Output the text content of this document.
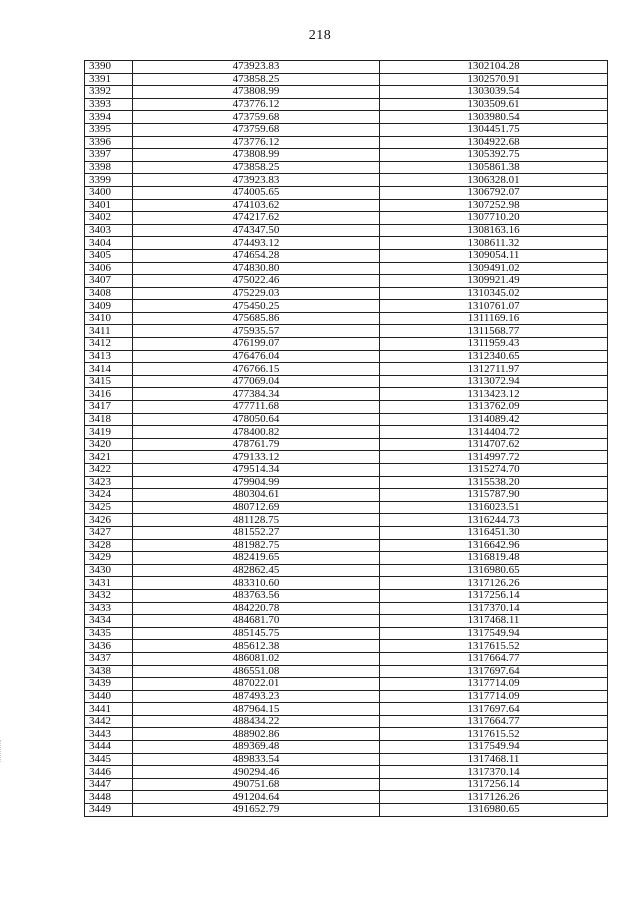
218
3390	473923.83	1302104.28
3391	473858.25	1302570.91
3392	473808.99	1303039.54
3393	473776.12	1303509.61
3394	473759.68	1303980.54
3395	473759.68	1304451.75
3396	473776.12	1304922.68
3397	473808.99	1305392.75
3398	473858.25	1305861.38
3399	473923.83	1306328.01
3400	474005.65	1306792.07
3401	474103.62	1307252.98
3402	474217.62	1307710.20
3403	474347.50	1308163.16
3404	474493.12	1308611.32
3405	474654.28	1309054.11
3406	474830.80	1309491.02
3407	475022.46	1309921.49
3408	475229.03	1310345.02
3409	475450.25	1310761.07
3410	475685.86	1311169.16
3411	475935.57	1311568.77
3412	476199.07	1311959.43
3413	476476.04	1312340.65
3414	476766.15	1312711.97
3415	477069.04	1313072.94
3416	477384.34	1313423.12
3417	477711.68	1313762.09
3418	478050.64	1314089.42
3419	478400.82	1314404.72
3420	478761.79	1314707.62
3421	479133.12	1314997.72
3422	479514.34	1315274.70
3423	479904.99	1315538.20
3424	480304.61	1315787.90
3425	480712.69	1316023.51
3426	481128.75	1316244.73
3427	481552.27	1316451.30
3428	481982.75	1316642.96
3429	482419.65	1316819.48
3430	482862.45	1316980.65
3431	483310.60	1317126.26
3432	483763.56	1317256.14
3433	484220.78	1317370.14
3434	484681.70	1317468.11
3435	485145.75	1317549.94
3436	485612.38	1317615.52
3437	486081.02	1317664.77
3438	486551.08	1317697.64
3439	487022.01	1317714.09
3440	487493.23	1317714.09
3441	487964.15	1317697.64
3442	488434.22	1317664.77
3443	488902.86	1317615.52
3444	489369.48	1317549.94
3445	489833.54	1317468.11
3446	490294.46	1317370.14
3447	490751.68	1317256.14
3448	491204.64	1317126.26
3449	491652.79	1316980.65
